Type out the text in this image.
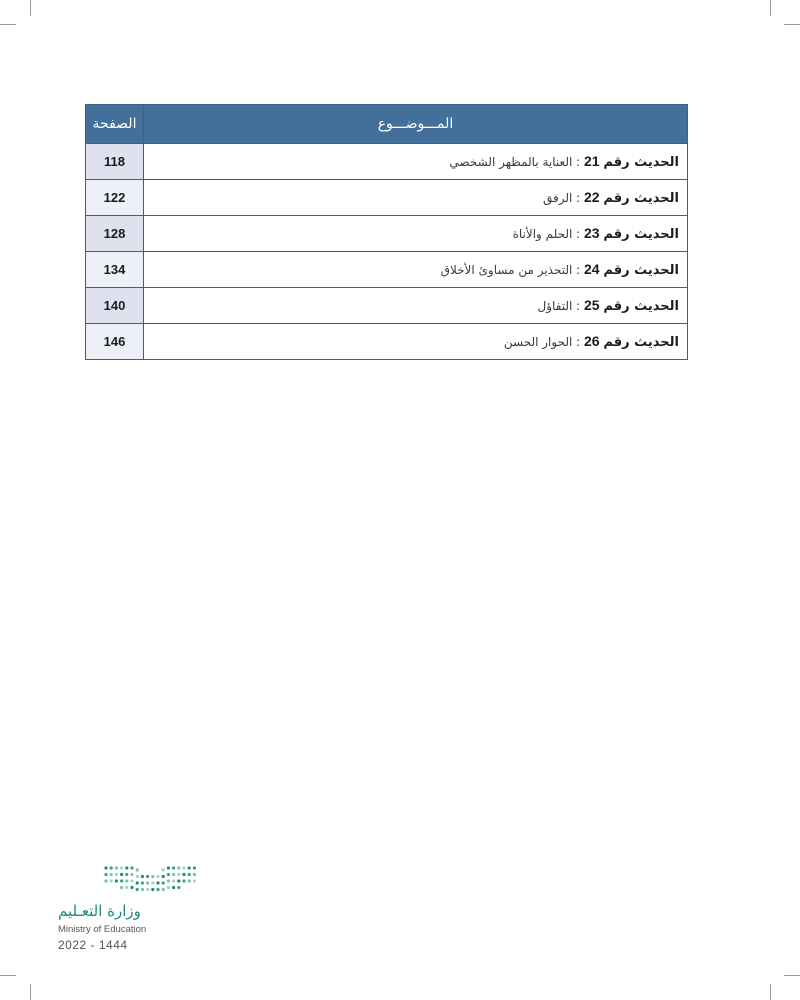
الصفحة	المـــوضـــوع
118	الحديث رقم 21 : العناية بالمظهر الشخصي
122	الحديث رقم 22 : الرفق
128	الحديث رقم 23 : الحلم والأناة
134	الحديث رقم 24 : التحذير من مساوئ الأخلاق
140	الحديث رقم 25 : التفاؤل
146	الحديث رقم 26 : الحوار الحسن
وزارة التعـليم
Ministry of Education
2022 - 1444
